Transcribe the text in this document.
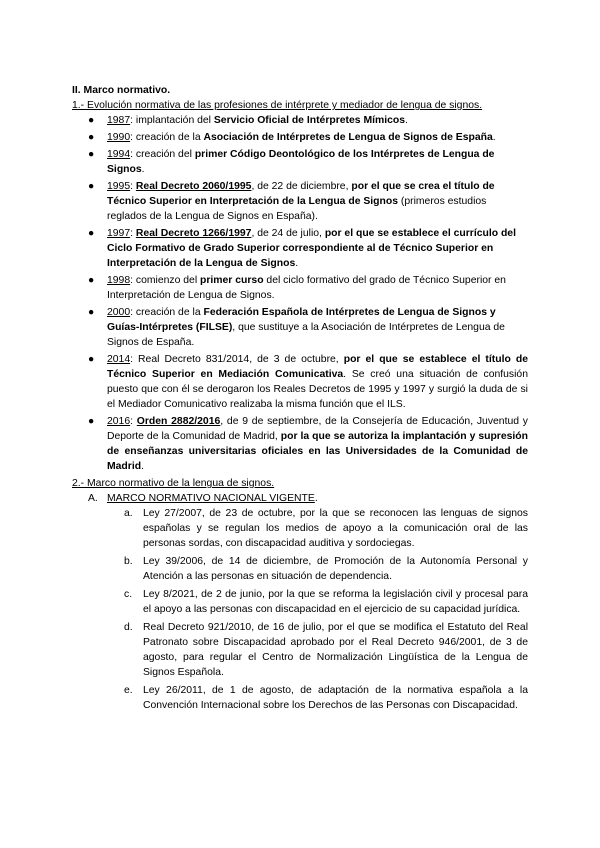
II. Marco normativo.

1.- Evolución normativa de las profesiones de intérprete y mediador de lengua de signos.

● 1987: implantación del Servicio Oficial de Intérpretes Mímicos.
● 1990: creación de la Asociación de Intérpretes de Lengua de Signos de España.
● 1994: creación del primer Código Deontológico de los Intérpretes de Lengua de Signos.
● 1995: Real Decreto 2060/1995, de 22 de diciembre, por el que se crea el título de Técnico Superior en Interpretación de la Lengua de Signos (primeros estudios reglados de la Lengua de Signos en España).
● 1997: Real Decreto 1266/1997, de 24 de julio, por el que se establece el currículo del Ciclo Formativo de Grado Superior correspondiente al de Técnico Superior en Interpretación de la Lengua de Signos.
● 1998: comienzo del primer curso del ciclo formativo del grado de Técnico Superior en Interpretación de Lengua de Signos.
● 2000: creación de la Federación Española de Intérpretes de Lengua de Signos y Guías-Intérpretes (FILSE), que sustituye a la Asociación de Intérpretes de Lengua de Signos de España.
● 2014: Real Decreto 831/2014, de 3 de octubre, por el que se establece el título de Técnico Superior en Mediación Comunicativa. Se creó una situación de confusión puesto que con él se derogaron los Reales Decretos de 1995 y 1997 y surgió la duda de si el Mediador Comunicativo realizaba la misma función que el ILS.
● 2016: Orden 2882/2016, de 9 de septiembre, de la Consejería de Educación, Juventud y Deporte de la Comunidad de Madrid, por la que se autoriza la implantación y supresión de enseñanzas universitarias oficiales en las Universidades de la Comunidad de Madrid.

2.- Marco normativo de la lengua de signos.

A. MARCO NORMATIVO NACIONAL VIGENTE.

a. Ley 27/2007, de 23 de octubre, por la que se reconocen las lenguas de signos españolas y se regulan los medios de apoyo a la comunicación oral de las personas sordas, con discapacidad auditiva y sordociegas.
b. Ley 39/2006, de 14 de diciembre, de Promoción de la Autonomía Personal y Atención a las personas en situación de dependencia.
c. Ley 8/2021, de 2 de junio, por la que se reforma la legislación civil y procesal para el apoyo a las personas con discapacidad en el ejercicio de su capacidad jurídica.
d. Real Decreto 921/2010, de 16 de julio, por el que se modifica el Estatuto del Real Patronato sobre Discapacidad aprobado por el Real Decreto 946/2001, de 3 de agosto, para regular el Centro de Normalización Lingüística de la Lengua de Signos Española.
e. Ley 26/2011, de 1 de agosto, de adaptación de la normativa española a la Convención Internacional sobre los Derechos de las Personas con Discapacidad.
